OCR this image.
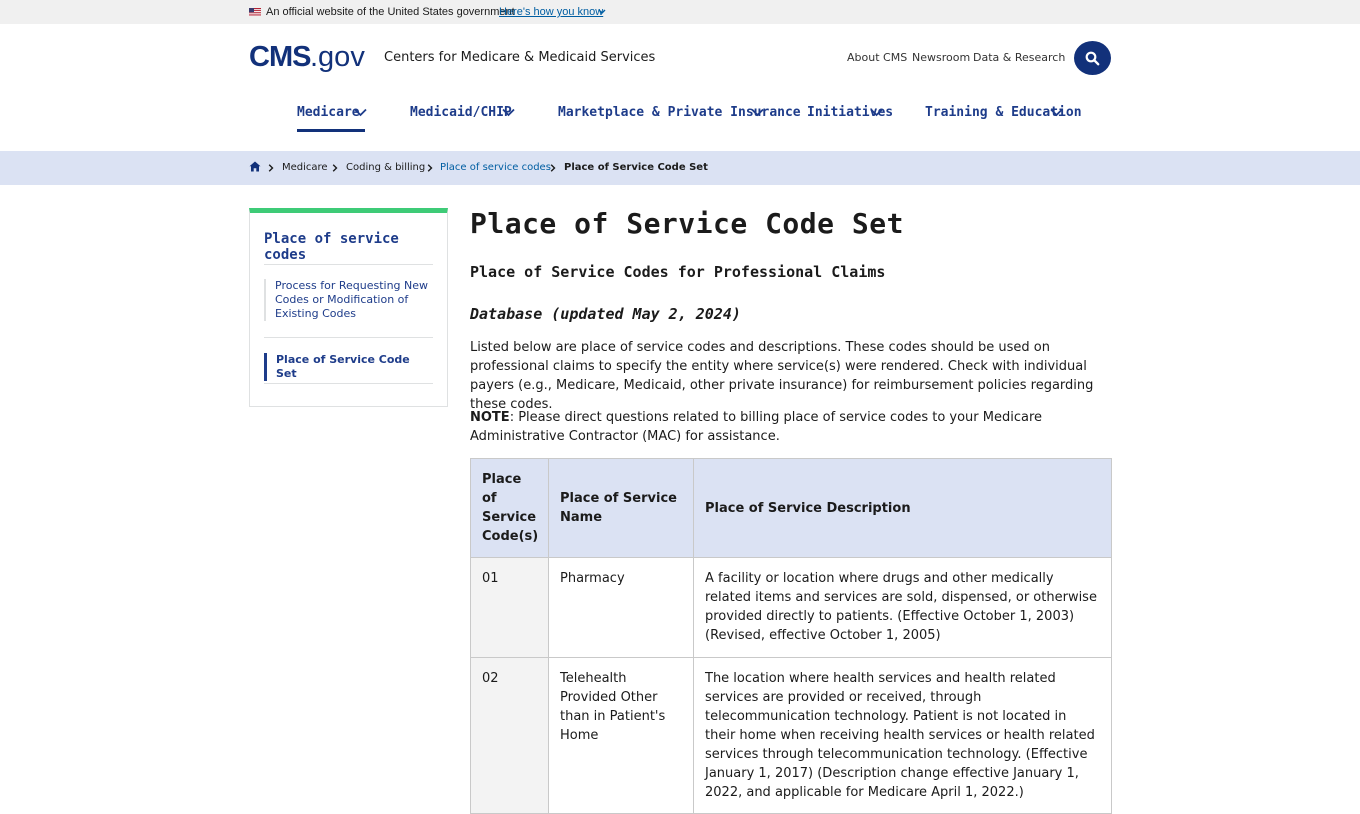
An official website of the United States government
Here's how you know
CMS .gov Centers for Medicare & Medicaid Services	About CMS Newsroom Data & Research
Medicare	Medicaid/CHIP	Marketplace & Private Insurance Initiatives Training & Education
Medicare Coding & billing Place of service codes Place of Service Code Set
Place of service codes
Process for Requesting New Codes or Modification of Existing Codes
Place of Service Code Set
Place of Service Code Set
Place of Service Codes for Professional Claims
Database (updated May 2, 2024)

Listed below are place of service codes and descriptions. These codes should be used on professional claims to specify the entity where service(s) were rendered. Check with individual payers (e.g., Medicare, Medicaid, other private insurance) for reimbursement policies regarding these codes.

NOTE: Please direct questions related to billing place of service codes to your Medicare Administrative Contractor (MAC) for assistance.

Place of Service Code(s)	Place of Service Name	Place of Service Description
01	Pharmacy	A facility or location where drugs and other medically related items and services are sold, dispensed, or otherwise provided directly to patients. (Effective October 1, 2003) (Revised, effective October 1, 2005)
02	Telehealth Provided Other than in Patient's Home	The location where health services and health related services are provided or received, through telecommunication technology. Patient is not located in their home when receiving health services or health related services through telecommunication technology. (Effective January 1, 2017) (Description change effective January 1, 2022, and applicable for Medicare April 1, 2022.)
